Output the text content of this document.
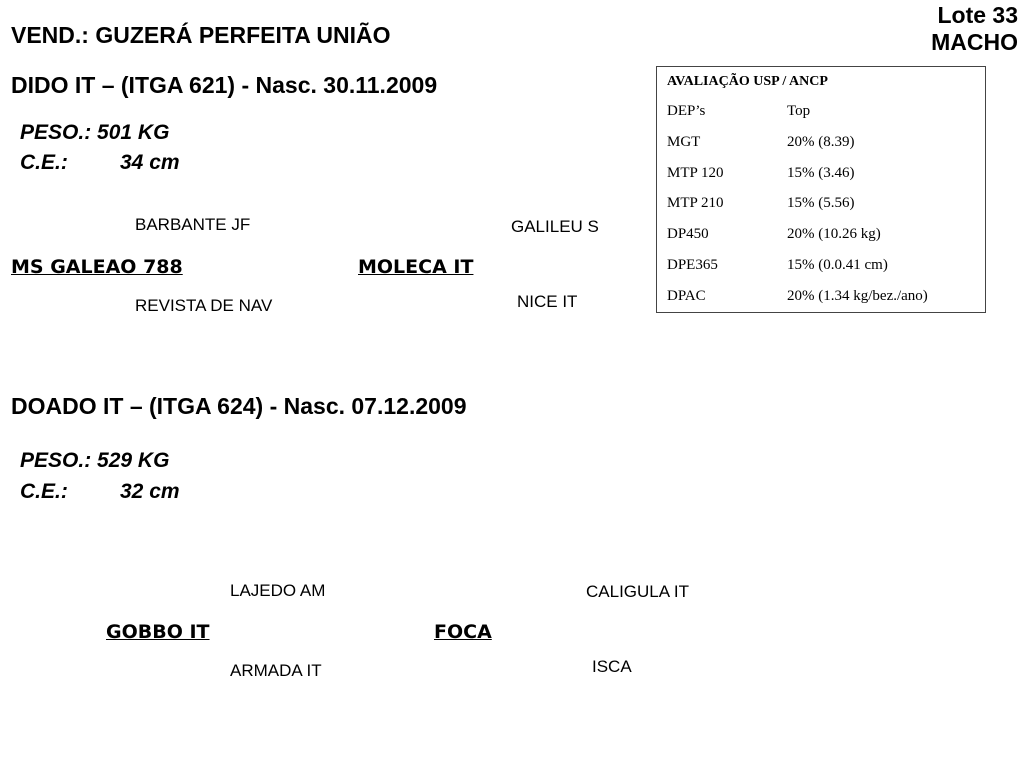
Lote 33
MACHO
VEND.: GUZERÁ PERFEITA UNIÃO
DIDO IT – (ITGA 621) - Nasc. 30.11.2009
PESO.: 501 KG
C.E.: 34 cm
BARBANTE JF
MS GALEAO 788
REVISTA DE NAV
GALILEU S
MOLECA IT
NICE IT
AVALIAÇÃO USP / ANCP	
DEP’s	Top
MGT	20% (8.39)
MTP 120	15% (3.46)
MTP 210	15% (5.56)
DP450	20% (10.26 kg)
DPE365	15% (0.0.41 cm)
DPAC	20% (1.34 kg/bez./ano)
DOADO IT – (ITGA 624) - Nasc. 07.12.2009
PESO.: 529 KG
C.E.: 32 cm
LAJEDO AM
GOBBO IT
ARMADA IT
CALIGULA IT
FOCA
ISCA
